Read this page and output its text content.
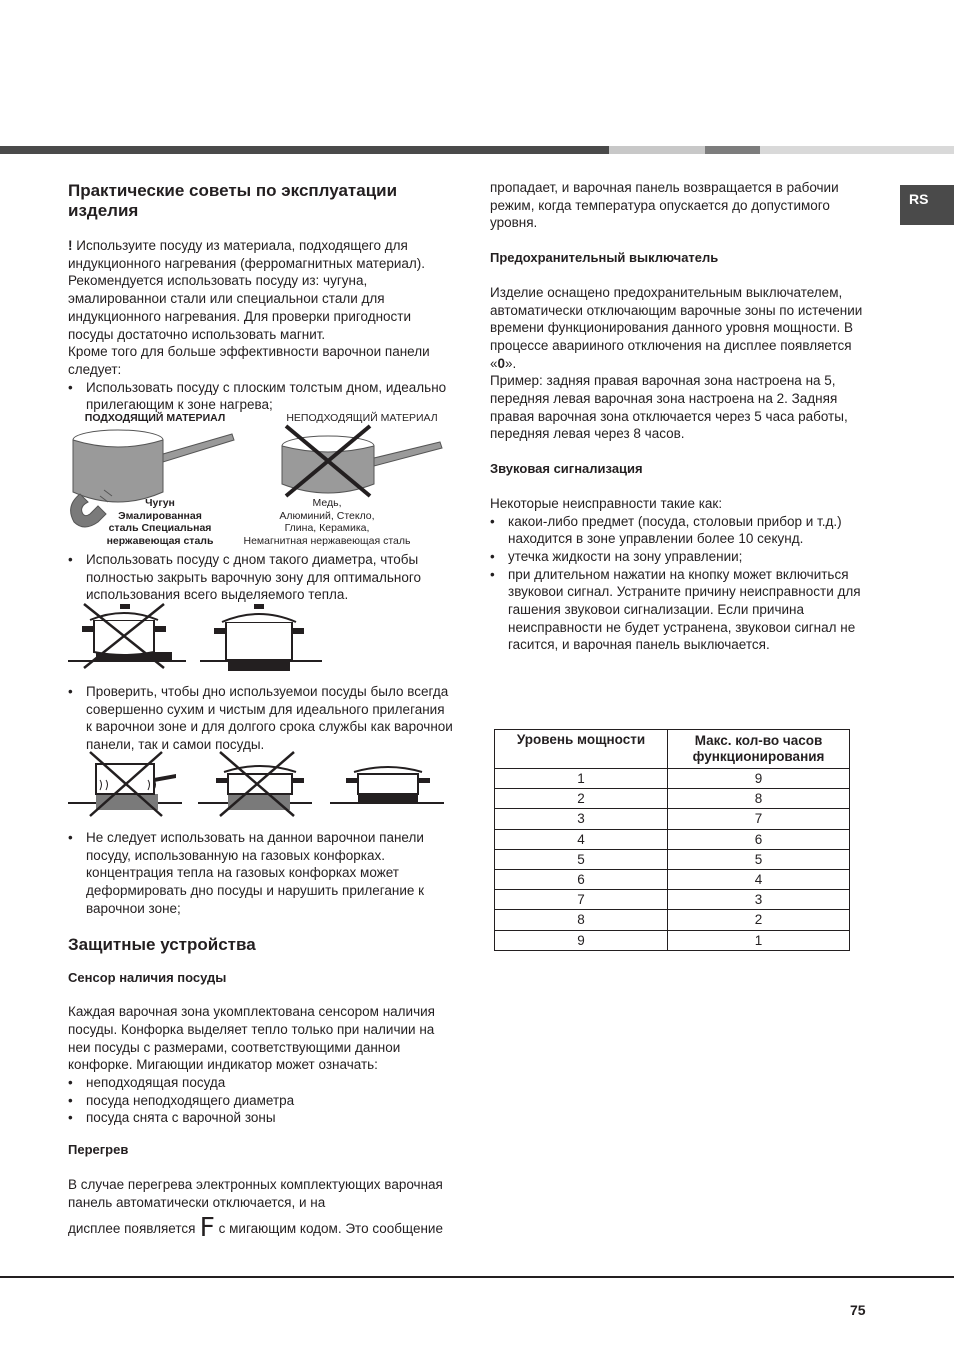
RS
Практические советы по эксплуатации изделия

! Используите посуду из материала, подходящего для индукционного нагревания (ферромагнитных материал). Рекомендуется использовать посуду из: чугуна, эмалированнои стали или специальнои стали для индукционного нагревания. Для проверки пригодности посуды достаточно использовать магнит.

Кроме того для больше эффективности варочнои панели следует:

• Использовать посуду с плоским толстым дном, идеально прилегающим к зоне нагрева;
ПОДХОДЯЩИЙ МАТЕРИАЛ	НЕПОДХОДЯЩИЙ МАТЕРИАЛ
Чугун
Эмалированная
сталь Специальная
нержавеющая сталь
Медь,
Алюминий, Стекло,
Глина, Керамика,
Немагнитная нержавеющая сталь
• Использовать посуду с дном такого диаметра, чтобы полностью закрыть варочную зону для оптимального использования всего выделяемого тепла.
• Проверить, чтобы дно используемои посуды было всегда совершенно сухим и чистым для идеального прилегания к варочнои зоне и для долгого срока службы как варочнои панели, так и самои посуды.
• Не следует использовать на даннои варочнои панели посуду, использованную на газовых конфорках. концентрация тепла на газовых конфорках может деформировать дно посуды и нарушить прилегание к варочнои зоне;
Защитные устройства
Сенсор наличия посуды

Каждая варочная зона укомплектована сенсором наличия посуды. Конфорка выделяет тепло только при наличии на неи посуды с размерами, соответствующими даннои конфорке. Мигающии индикатор может означать:

• неподходящая посуда
• посуда неподходящего диаметра
• посуда снята с варочной зоны
Перегрев

В случае перегрева электронных комплектующих варочная панель автоматически отключается, и на

дисплее появляется F с мигающим кодом. Это сообщение

пропадает, и варочная панель возвращается в рабочии режим, когда температура опускается до допустимого уровня.

Предохранительный выключатель

Изделие оснащено предохранительным выключателем, автоматически отключающим варочные зоны по истечении времени функционирования данного уровня мощности. В процессе аварииного отключения на дисплее появляется «0».

Пример: задняя правая варочная зона настроена на 5, передняя левая варочная зона настроена на 2. Задняя правая варочная зона отключается через 5 часа работы, передняя левая через 8 часов.

Звуковая сигнализация

Некоторые неисправности такие как:

• какои-либо предмет (посуда, столовыи прибор и т.д.) находится в зоне управлении более 10 секунд.
• утечка жидкости на зону управлении;
• при длительном нажатии на кнопку может включиться звуковои сигнал. Устраните причину неисправности для гашения звуковои сигнализации. Если причина неисправности не будет устранена, звуковои сигнал не гасится, и варочная панель выключается.
Уровень мощности	Макс. кол-во часов функционирования
1	9
2	8
3	7
4	6
5	5
6	4
7	3
8	2
9	1
75
